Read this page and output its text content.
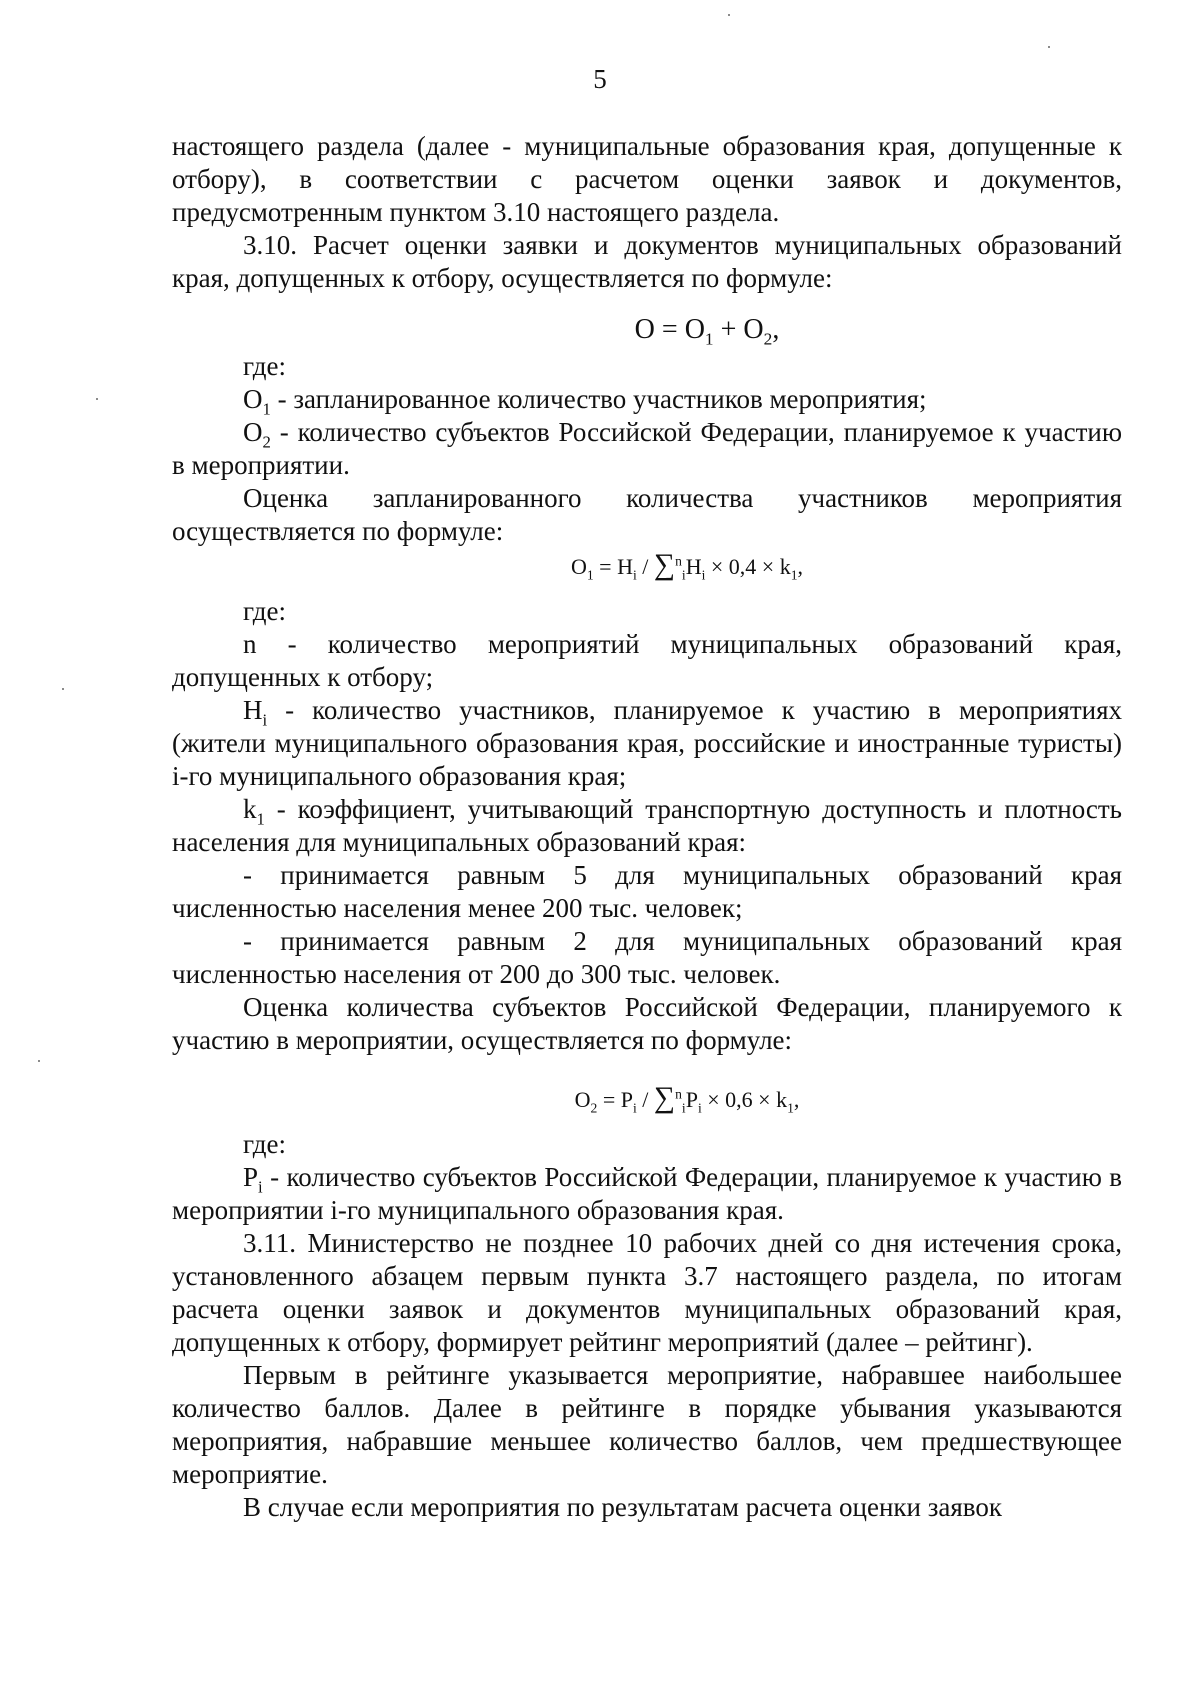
5

настоящего раздела (далее - муниципальные образования края, допущенные к отбору), в соответствии с расчетом оценки заявок и документов, предусмотренным пунктом 3.10 настоящего раздела.

3.10. Расчет оценки заявки и документов муниципальных образований края, допущенных к отбору, осуществляется по формуле:

$O = O_1 + O_2$,

где:

$O_1$ - запланированное количество участников мероприятия;

$O_2$ - количество субъектов Российской Федерации, планируемое к участию в мероприятии.

Оценка запланированного количества участников мероприятия осуществляется по формуле:

$O_1 = H_i / \sum^n_iH_i \times 0,4 \times k_1$,

где:

n - количество мероприятий муниципальных образований края, допущенных к отбору;

$H_i$ - количество участников, планируемое к участию в мероприятиях (жители муниципального образования края, российские и иностранные туристы) i-го муниципального образования края;

$k_1$ - коэффициент, учитывающий транспортную доступность и плотность населения для муниципальных образований края:

- принимается равным 5 для муниципальных образований края численностью населения менее 200 тыс. человек;

- принимается равным 2 для муниципальных образований края численностью населения от 200 до 300 тыс. человек.

Оценка количества субъектов Российской Федерации, планируемого к участию в мероприятии, осуществляется по формуле:

$O_2 = P_i / \sum^n_iP_i \times 0,6 \times k_1$,

где:

$P_i$ - количество субъектов Российской Федерации, планируемое к участию в мероприятии i-го муниципального образования края.

3.11. Министерство не позднее 10 рабочих дней со дня истечения срока, установленного абзацем первым пункта 3.7 настоящего раздела, по итогам расчета оценки заявок и документов муниципальных образований края, допущенных к отбору, формирует рейтинг мероприятий (далее – рейтинг).

Первым в рейтинге указывается мероприятие, набравшее наибольшее количество баллов. Далее в рейтинге в порядке убывания указываются мероприятия, набравшие меньшее количество баллов, чем предшествующее мероприятие.

В случае если мероприятия по результатам расчета оценки заявок
